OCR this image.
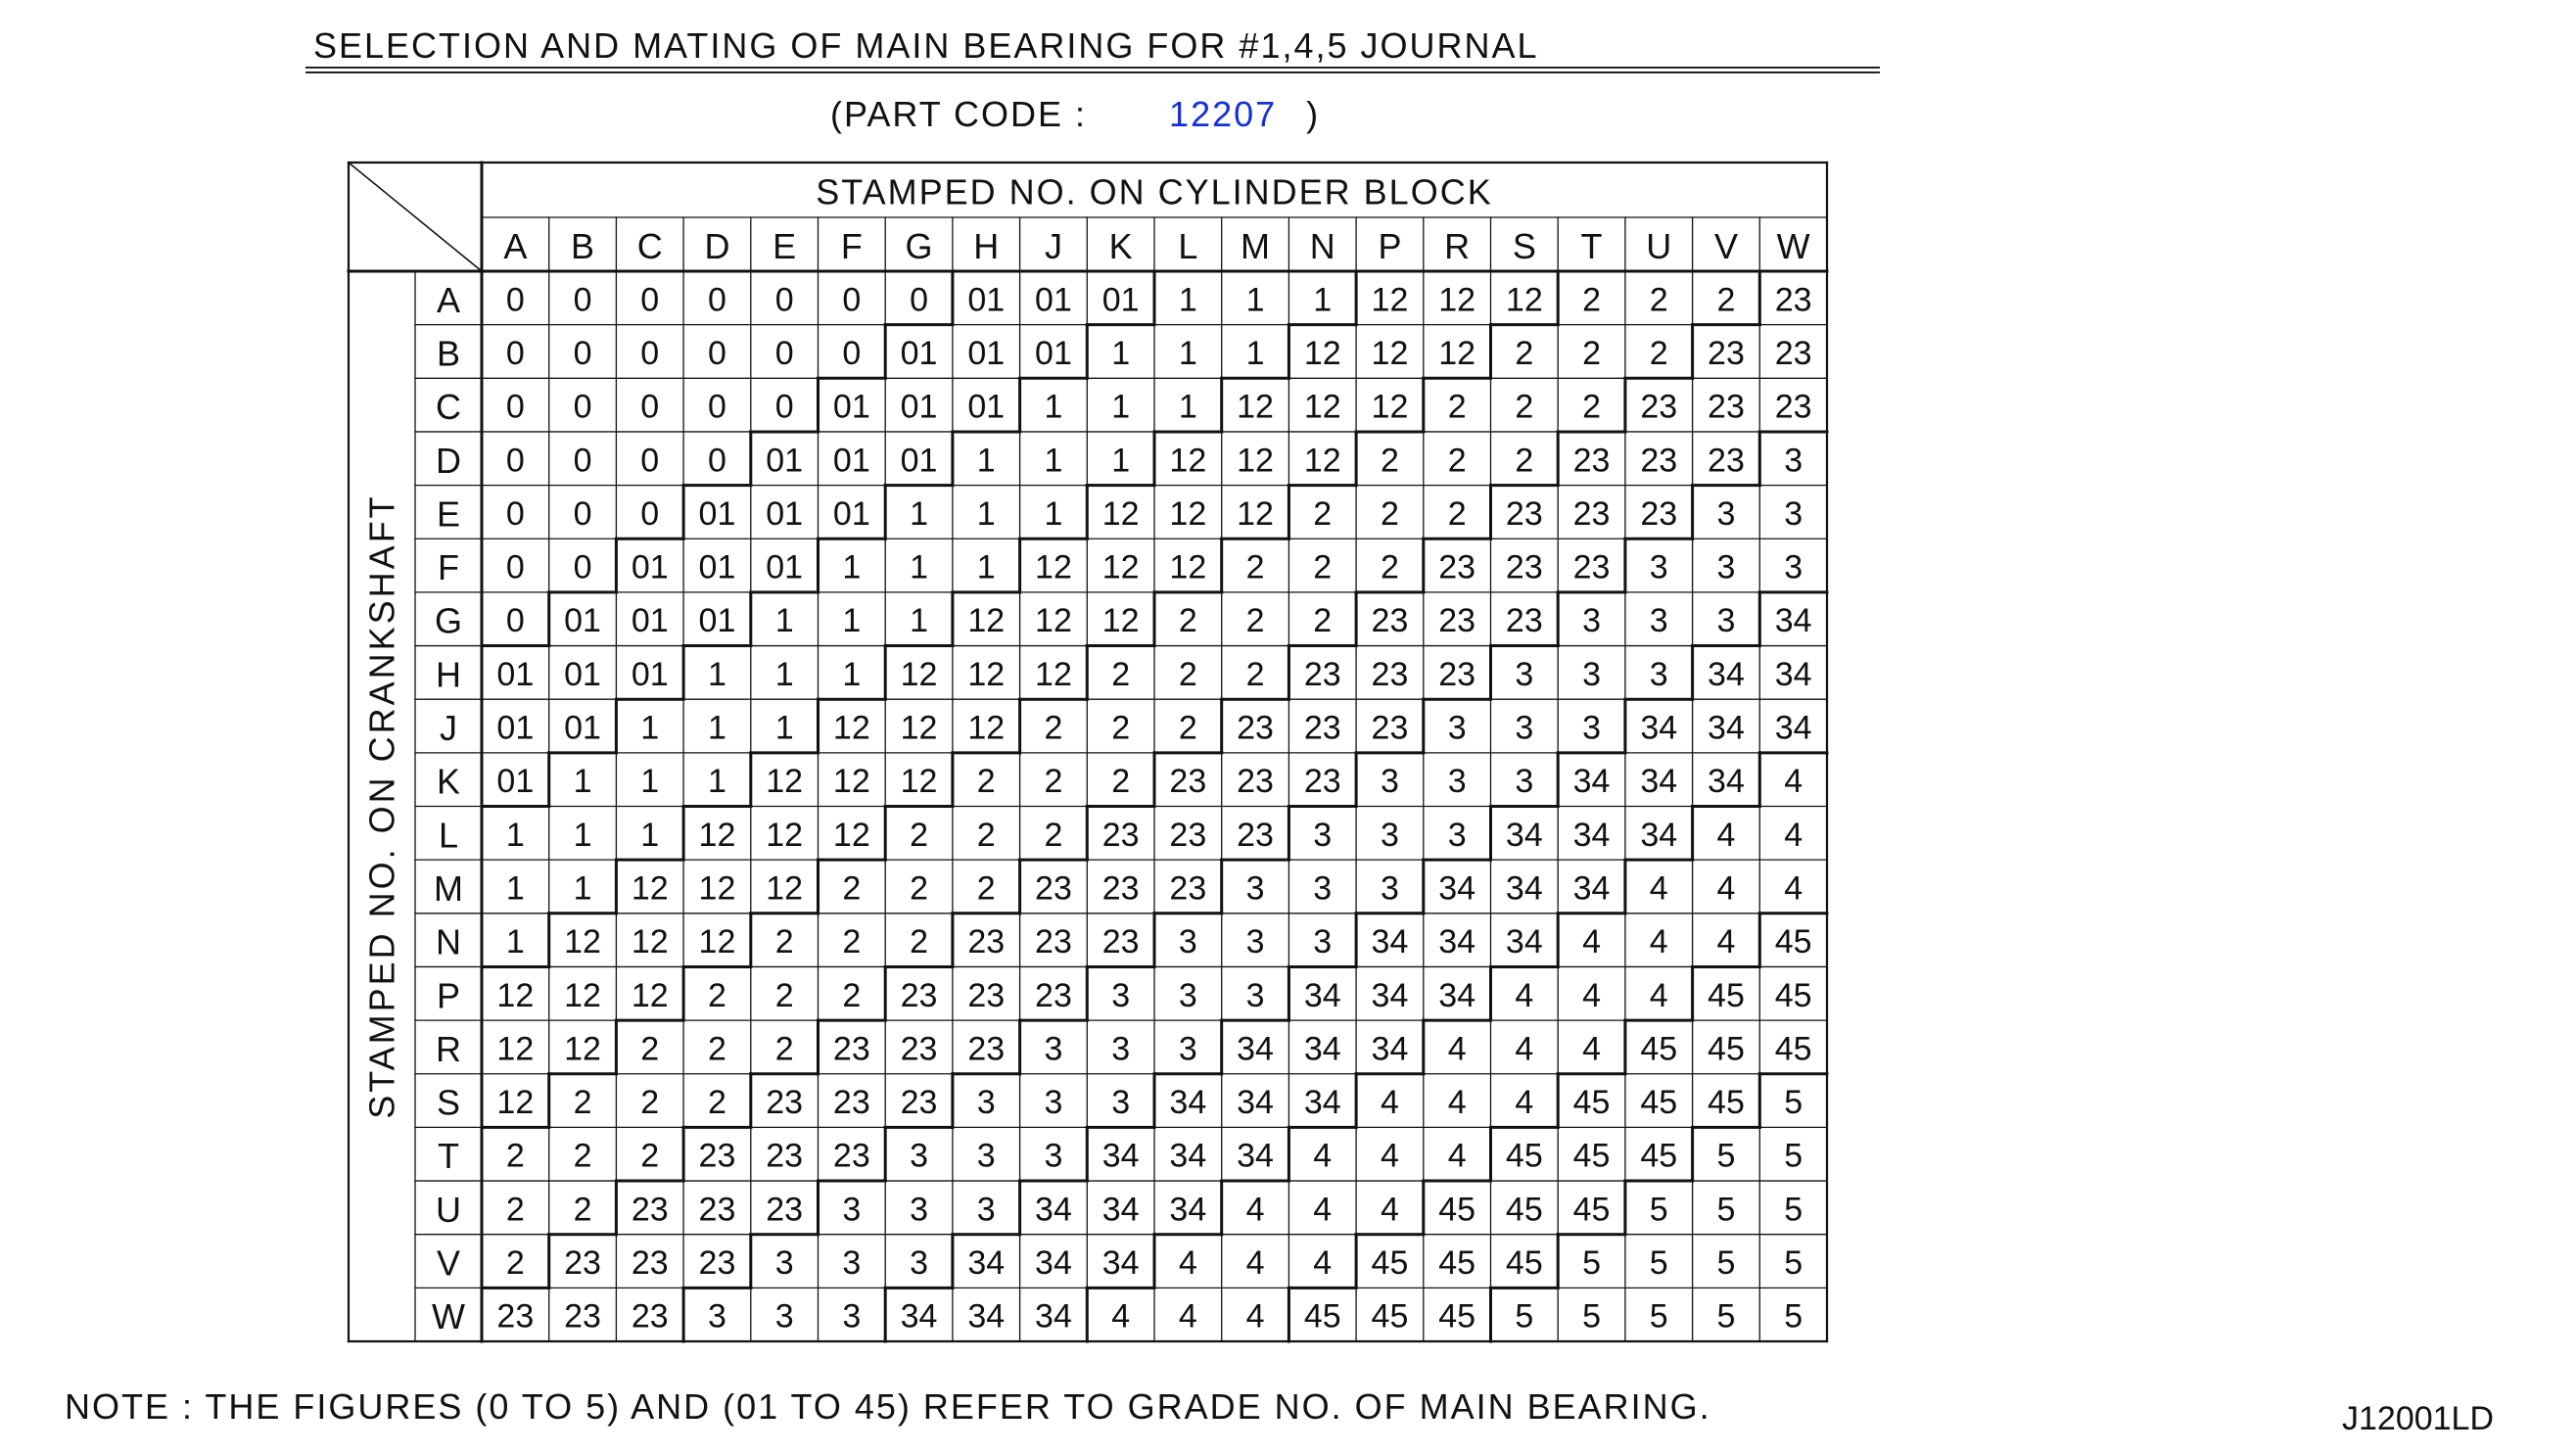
SELECTION AND MATING OF MAIN BEARING FOR #1,4,5 JOURNAL
(PART CODE : 12207 )
STAMPED NO. ON CYLINDER BLOCK
A B C D E F G H J K L M N P R S T U V W
STAMPED NO. ON CRANKSHAFT
A 0 0 0 0 0 0 0 01 01 01 1 1 1 12 12 12 2 2 2 23
B 0 0 0 0 0 0 01 01 01 1 1 1 12 12 12 2 2 2 23 23
C 0 0 0 0 0 01 01 01 1 1 1 12 12 12 2 2 2 23 23 23
D 0 0 0 0 01 01 01 1 1 1 12 12 12 2 2 2 23 23 23 3
E 0 0 0 01 01 01 1 1 1 12 12 12 2 2 2 23 23 23 3 3
F 0 0 01 01 01 1 1 1 12 12 12 2 2 2 23 23 23 3 3 3
G 0 01 01 01 1 1 1 12 12 12 2 2 2 23 23 23 3 3 3 34
H 01 01 01 1 1 1 12 12 12 2 2 2 23 23 23 3 3 3 34 34
J 01 01 1 1 1 12 12 12 2 2 2 23 23 23 3 3 3 34 34 34
K 01 1 1 1 12 12 12 2 2 2 23 23 23 3 3 3 34 34 34 4
L 1 1 1 12 12 12 2 2 2 23 23 23 3 3 3 34 34 34 4 4
M 1 1 12 12 12 2 2 2 23 23 23 3 3 3 34 34 34 4 4 4
N 1 12 12 12 2 2 2 23 23 23 3 3 3 34 34 34 4 4 4 45
P 12 12 12 2 2 2 23 23 23 3 3 3 34 34 34 4 4 4 45 45
R 12 12 2 2 2 23 23 23 3 3 3 34 34 34 4 4 4 45 45 45
S 12 2 2 2 23 23 23 3 3 3 34 34 34 4 4 4 45 45 45 5
T 2 2 2 23 23 23 3 3 3 34 34 34 4 4 4 45 45 45 5 5
U 2 2 23 23 23 3 3 3 34 34 34 4 4 4 45 45 45 5 5 5
V 2 23 23 23 3 3 3 34 34 34 4 4 4 45 45 45 5 5 5 5
W 23 23 23 3 3 3 34 34 34 4 4 4 45 45 45 5 5 5 5 5
NOTE : THE FIGURES (0 TO 5) AND (01 TO 45) REFER TO GRADE NO. OF MAIN BEARING.	J12001LD
